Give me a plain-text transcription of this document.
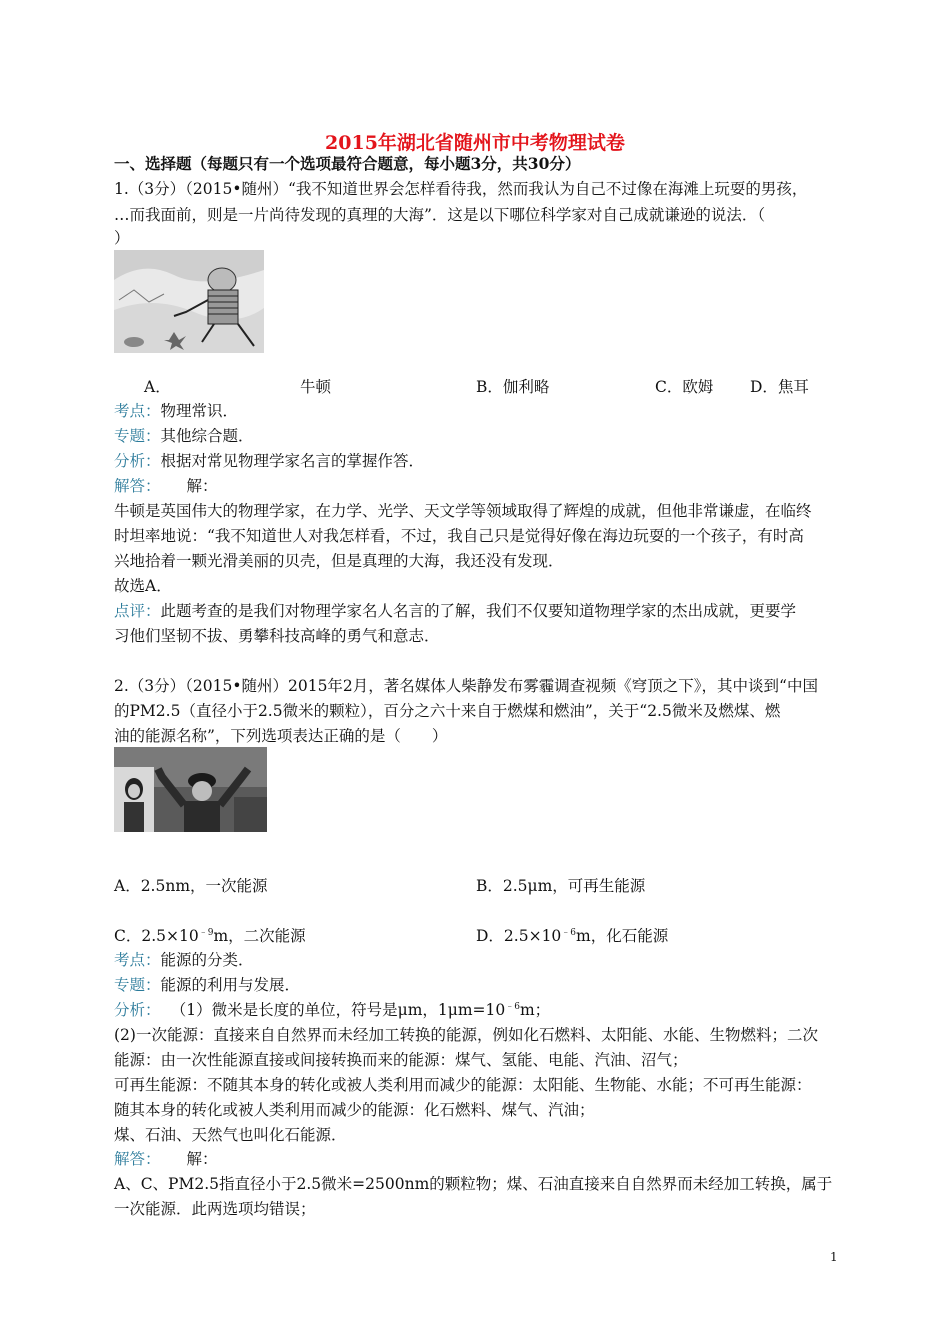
2015年湖北省随州市中考物理试卷
一、选择题（每题只有一个选项最符合题意，每小题3分，共30分）
1.（3分）（2015•随州）“我不知道世界会怎样看待我，然而我认为自己不过像在海滩上玩耍的男孩，
…而我面前，则是一片尚待发现的真理的大海”．这是以下哪位科学家对自己成就谦逊的说法．（
）
A．	牛顿	B．伽利略	C．欧姆 D．焦耳
考点：物理常识．
专题：其他综合题．
分析：根据对常见物理学家名言的掌握作答．
解答： 解：
牛顿是英国伟大的物理学家，在力学、光学、天文学等领域取得了辉煌的成就，但他非常谦虚，在临终
时坦率地说：“我不知道世人对我怎样看，不过，我自己只是觉得好像在海边玩耍的一个孩子，有时高
兴地拾着一颗光滑美丽的贝壳，但是真理的大海，我还没有发现．
故选A．
点评：此题考查的是我们对物理学家名人名言的了解，我们不仅要知道物理学家的杰出成就，更要学
习他们坚韧不拔、勇攀科技高峰的勇气和意志．
2.（3分）（2015•随州）2015年2月，著名媒体人柴静发布雾霾调查视频《穹顶之下》，其中谈到“中国
的PM2.5（直径小于2.5微米的颗粒），百分之六十来自于燃煤和燃油”，关于“2.5微米及燃煤、燃
油的能源名称”，下列选项表达正确的是（　　）
A．2.5nm，一次能源	B．2.5μm，可再生能源
C．$2.5\times 10^{﹣9}m$，二次能源	D．$2.5\times 10^{﹣6}m$，化石能源
考点：能源的分类．
专题：能源的利用与发展．
分析： （1）微米是长度的单位，符号是μm，$1\mu m=10^{﹣6}m$；
(2)一次能源：直接来自自然界而未经加工转换的能源，例如化石燃料、太阳能、水能、生物燃料；二次
能源：由一次性能源直接或间接转换而来的能源：煤气、氢能、电能、汽油、沼气；
可再生能源：不随其本身的转化或被人类利用而减少的能源：太阳能、生物能、水能；不可再生能源：
随其本身的转化或被人类利用而减少的能源：化石燃料、煤气、汽油；
煤、石油、天然气也叫化石能源．
解答： 解：
A、C、PM2.5指直径小于2.5微米=2500nm的颗粒物；煤、石油直接来自自然界而未经加工转换，属于
一次能源．此两选项均错误；
1
